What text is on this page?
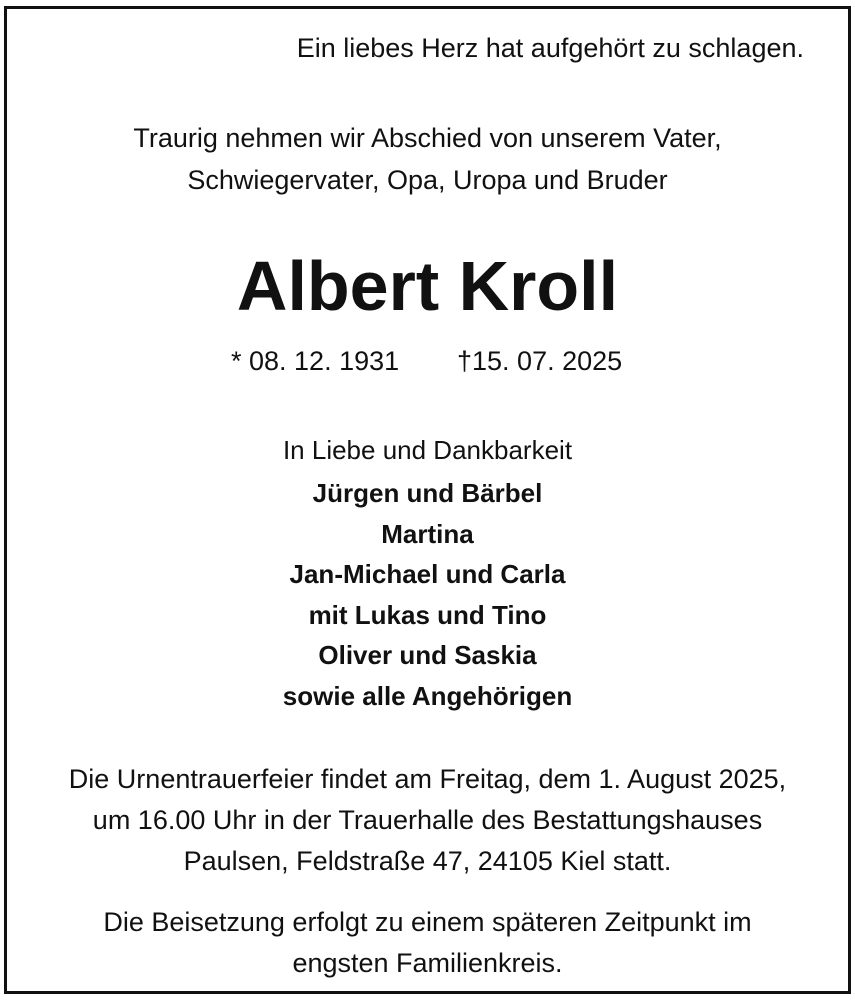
Ein liebes Herz hat aufgehört zu schlagen.
Traurig nehmen wir Abschied von unserem Vater,
Schwiegervater, Opa, Uropa und Bruder
Albert Kroll
* 08. 12. 1931 †15. 07. 2025
In Liebe und Dankbarkeit
Jürgen und Bärbel
Martina
Jan-Michael und Carla
mit Lukas und Tino
Oliver und Saskia
sowie alle Angehörigen
Die Urnentrauerfeier findet am Freitag, dem 1. August 2025,
um 16.00 Uhr in der Trauerhalle des Bestattungshauses
Paulsen, Feldstraße 47, 24105 Kiel statt.
Die Beisetzung erfolgt zu einem späteren Zeitpunkt im
engsten Familienkreis.
